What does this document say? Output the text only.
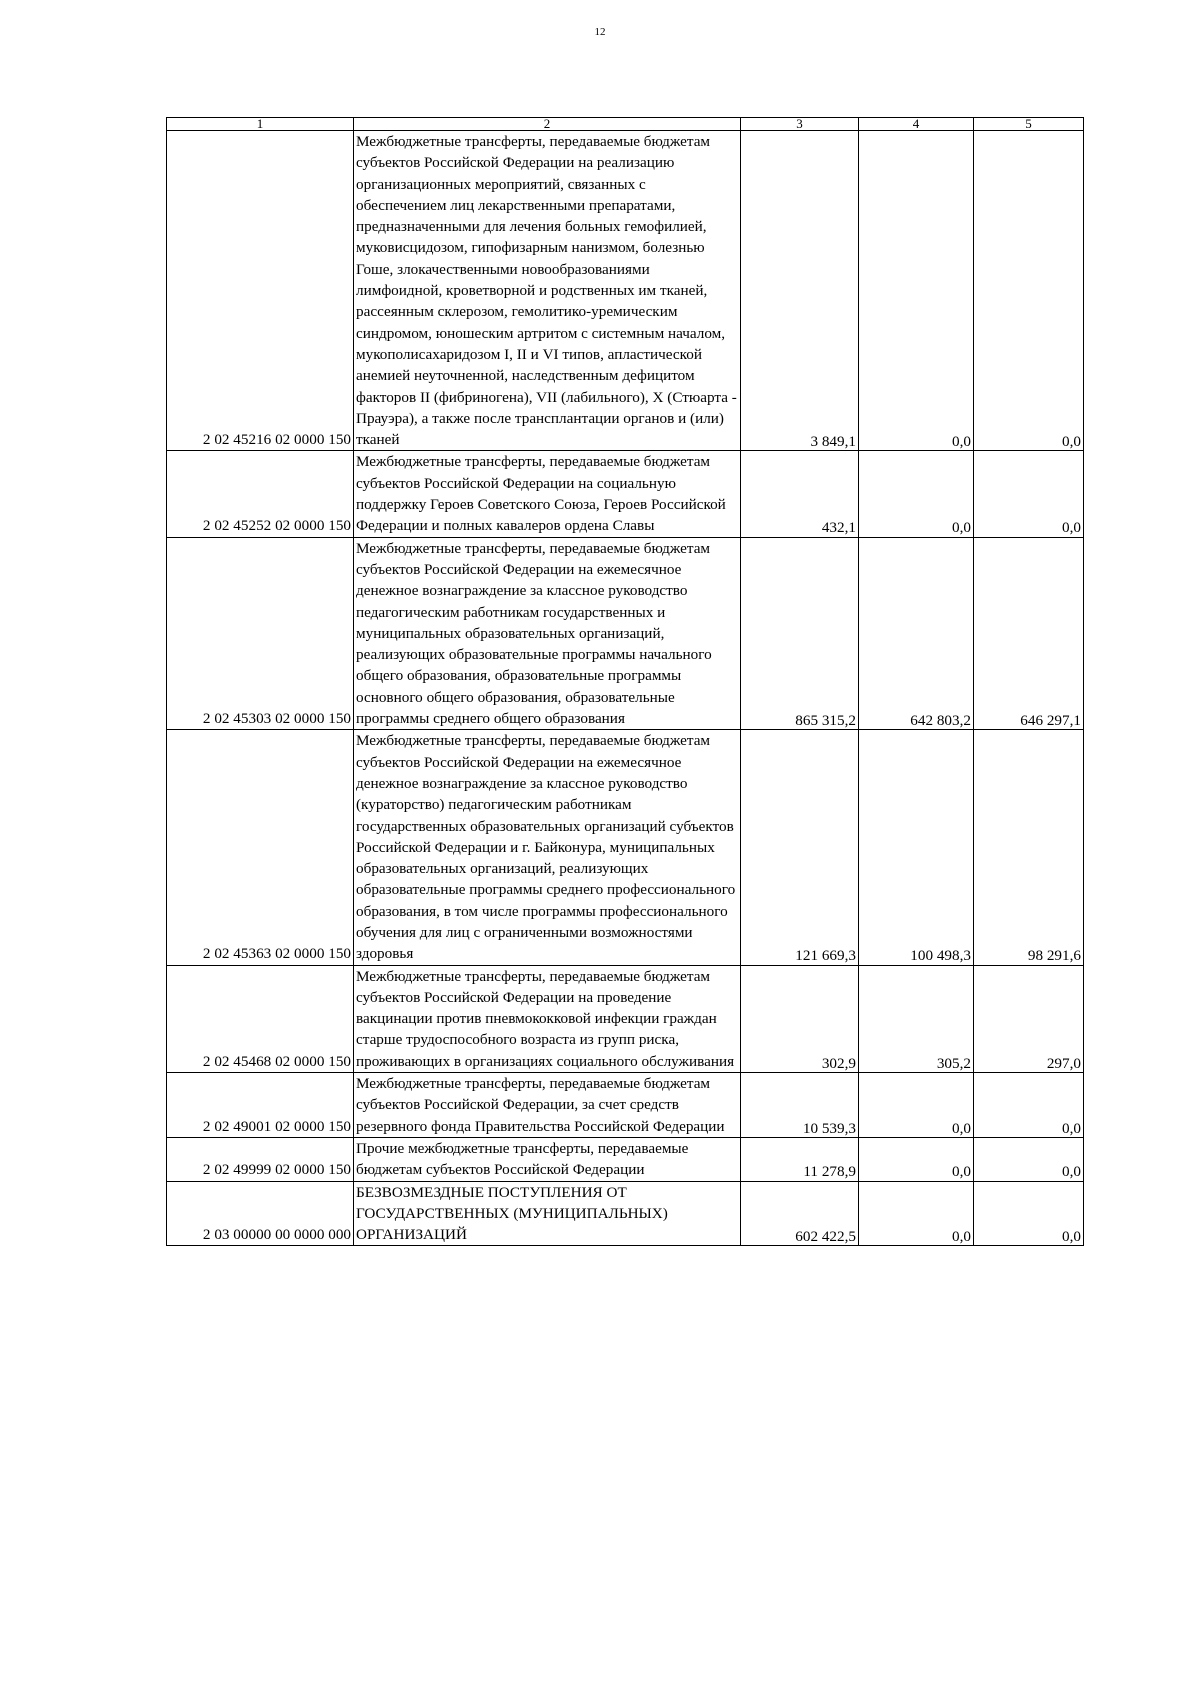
12
1	2	3	4	5
2 02 45216 02 0000 150	Межбюджетные трансферты, передаваемые бюджетам субъектов Российской Федерации на реализацию организационных мероприятий, связанных с обеспечением лиц лекарственными препаратами, предназначенными для лечения больных гемофилией, муковисцидозом, гипофизарным нанизмом, болезнью Гоше, злокачественными новообразованиями лимфоидной, кроветворной и родственных им тканей, рассеянным склерозом, гемолитико-уремическим синдромом, юношеским артритом с системным началом, мукополисахаридозом I, II и VI типов, апластической анемией неуточненной, наследственным дефицитом факторов II (фибриногена), VII (лабильного), X (Стюарта - Прауэра), а также после трансплантации органов и (или) тканей	3 849,1	0,0	0,0
2 02 45252 02 0000 150	Межбюджетные трансферты, передаваемые бюджетам субъектов Российской Федерации на социальную поддержку Героев Советского Союза, Героев Российской Федерации и полных кавалеров ордена Славы	432,1	0,0	0,0
2 02 45303 02 0000 150	Межбюджетные трансферты, передаваемые бюджетам субъектов Российской Федерации на ежемесячное денежное вознаграждение за классное руководство педагогическим работникам государственных и муниципальных образовательных организаций, реализующих образовательные программы начального общего образования, образовательные программы основного общего образования, образовательные программы среднего общего образования	865 315,2	642 803,2	646 297,1
2 02 45363 02 0000 150	Межбюджетные трансферты, передаваемые бюджетам субъектов Российской Федерации на ежемесячное денежное вознаграждение за классное руководство (кураторство) педагогическим работникам государственных образовательных организаций субъектов Российской Федерации и г. Байконура, муниципальных образовательных организаций, реализующих образовательные программы среднего профессионального образования, в том числе программы профессионального обучения для лиц с ограниченными возможностями здоровья	121 669,3	100 498,3	98 291,6
2 02 45468 02 0000 150	Межбюджетные трансферты, передаваемые бюджетам субъектов Российской Федерации на проведение вакцинации против пневмококковой инфекции граждан старше трудоспособного возраста из групп риска, проживающих в организациях социального обслуживания	302,9	305,2	297,0
2 02 49001 02 0000 150	Межбюджетные трансферты, передаваемые бюджетам субъектов Российской Федерации, за счет средств резервного фонда Правительства Российской Федерации	10 539,3	0,0	0,0
2 02 49999 02 0000 150	Прочие межбюджетные трансферты, передаваемые бюджетам субъектов Российской Федерации	11 278,9	0,0	0,0
2 03 00000 00 0000 000	БЕЗВОЗМЕЗДНЫЕ ПОСТУПЛЕНИЯ ОТ ГОСУДАРСТВЕННЫХ (МУНИЦИПАЛЬНЫХ) ОРГАНИЗАЦИЙ	602 422,5	0,0	0,0
